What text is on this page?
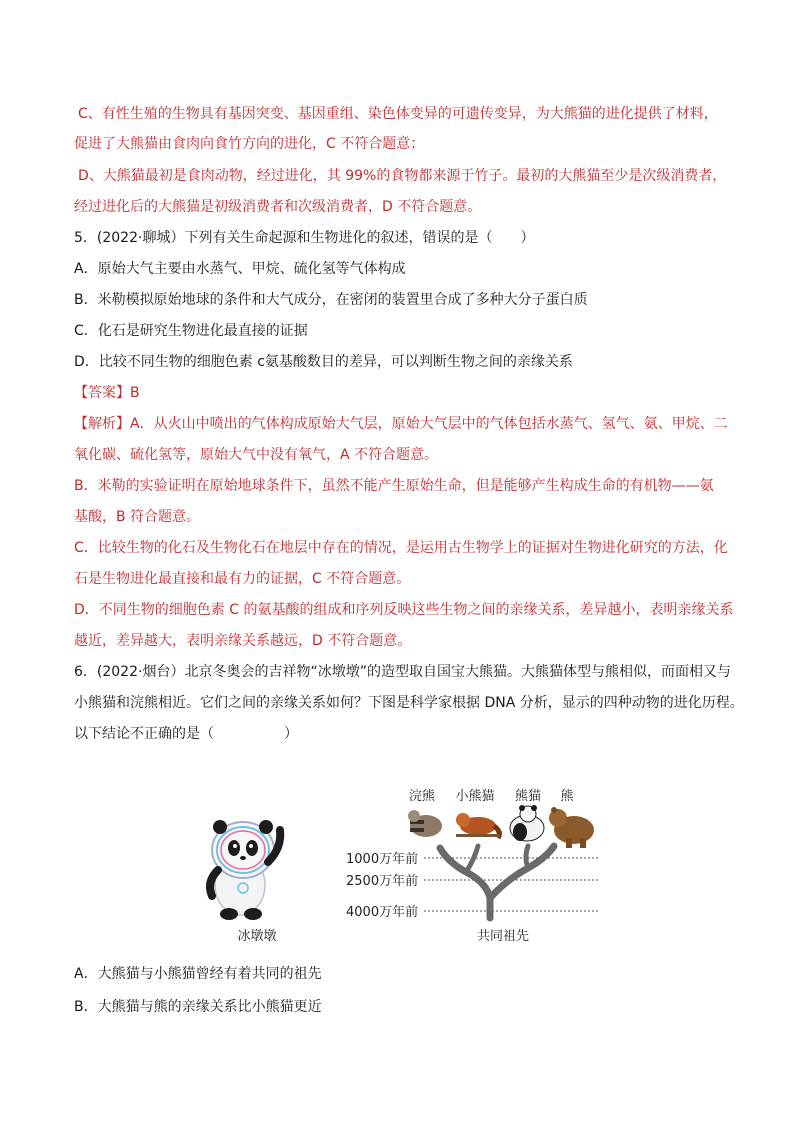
C、有性生殖的生物具有基因突变、基因重组、染色体变异的可遗传变异，为大熊猫的进化提供了材料，
促进了大熊猫由食肉向食竹方向的进化，C 不符合题意；
D、大熊猫最初是食肉动物，经过进化，其 99%的食物都来源于竹子。最初的大熊猫至少是次级消费者，
经过进化后的大熊猫是初级消费者和次级消费者，D 不符合题意。
5．(2022·聊城）下列有关生命起源和生物进化的叙述，错误的是（　　）
A．原始大气主要由水蒸气、甲烷、硫化氢等气体构成
B．米勒模拟原始地球的条件和大气成分，在密闭的装置里合成了多种大分子蛋白质
C．化石是研究生物进化最直接的证据
D．比较不同生物的细胞色素 c氨基酸数目的差异，可以判断生物之间的亲缘关系
【答案】B
【解析】A．从火山中喷出的气体构成原始大气层，原始大气层中的气体包括水蒸气、氢气、氨、甲烷、二
氧化碳、硫化氢等，原始大气中没有氧气，A 不符合题意。
B．米勒的实验证明在原始地球条件下，虽然不能产生原始生命，但是能够产生构成生命的有机物——氨
基酸，B 符合题意。
C．比较生物的化石及生物化石在地层中存在的情况，是运用古生物学上的证据对生物进化研究的方法，化
石是生物进化最直接和最有力的证据，C 不符合题意。
D．不同生物的细胞色素 C 的氨基酸的组成和序列反映这些生物之间的亲缘关系，差异越小，表明亲缘关系
越近，差异越大，表明亲缘关系越远，D 不符合题意。
6．(2022·烟台）北京冬奥会的吉祥物“冰墩墩”的造型取自国宝大熊猫。大熊猫体型与熊相似，而面相又与
小熊猫和浣熊相近。它们之间的亲缘关系如何？下图是科学家根据 DNA 分析，显示的四种动物的进化历程。
以下结论不正确的是（　　　　　）
冰墩墩
浣熊 小熊猫 熊猫 熊
1000万年前
2500万年前
4000万年前
共同祖先
A．大熊猫与小熊猫曾经有着共同的祖先
B．大熊猫与熊的亲缘关系比小熊猫更近
